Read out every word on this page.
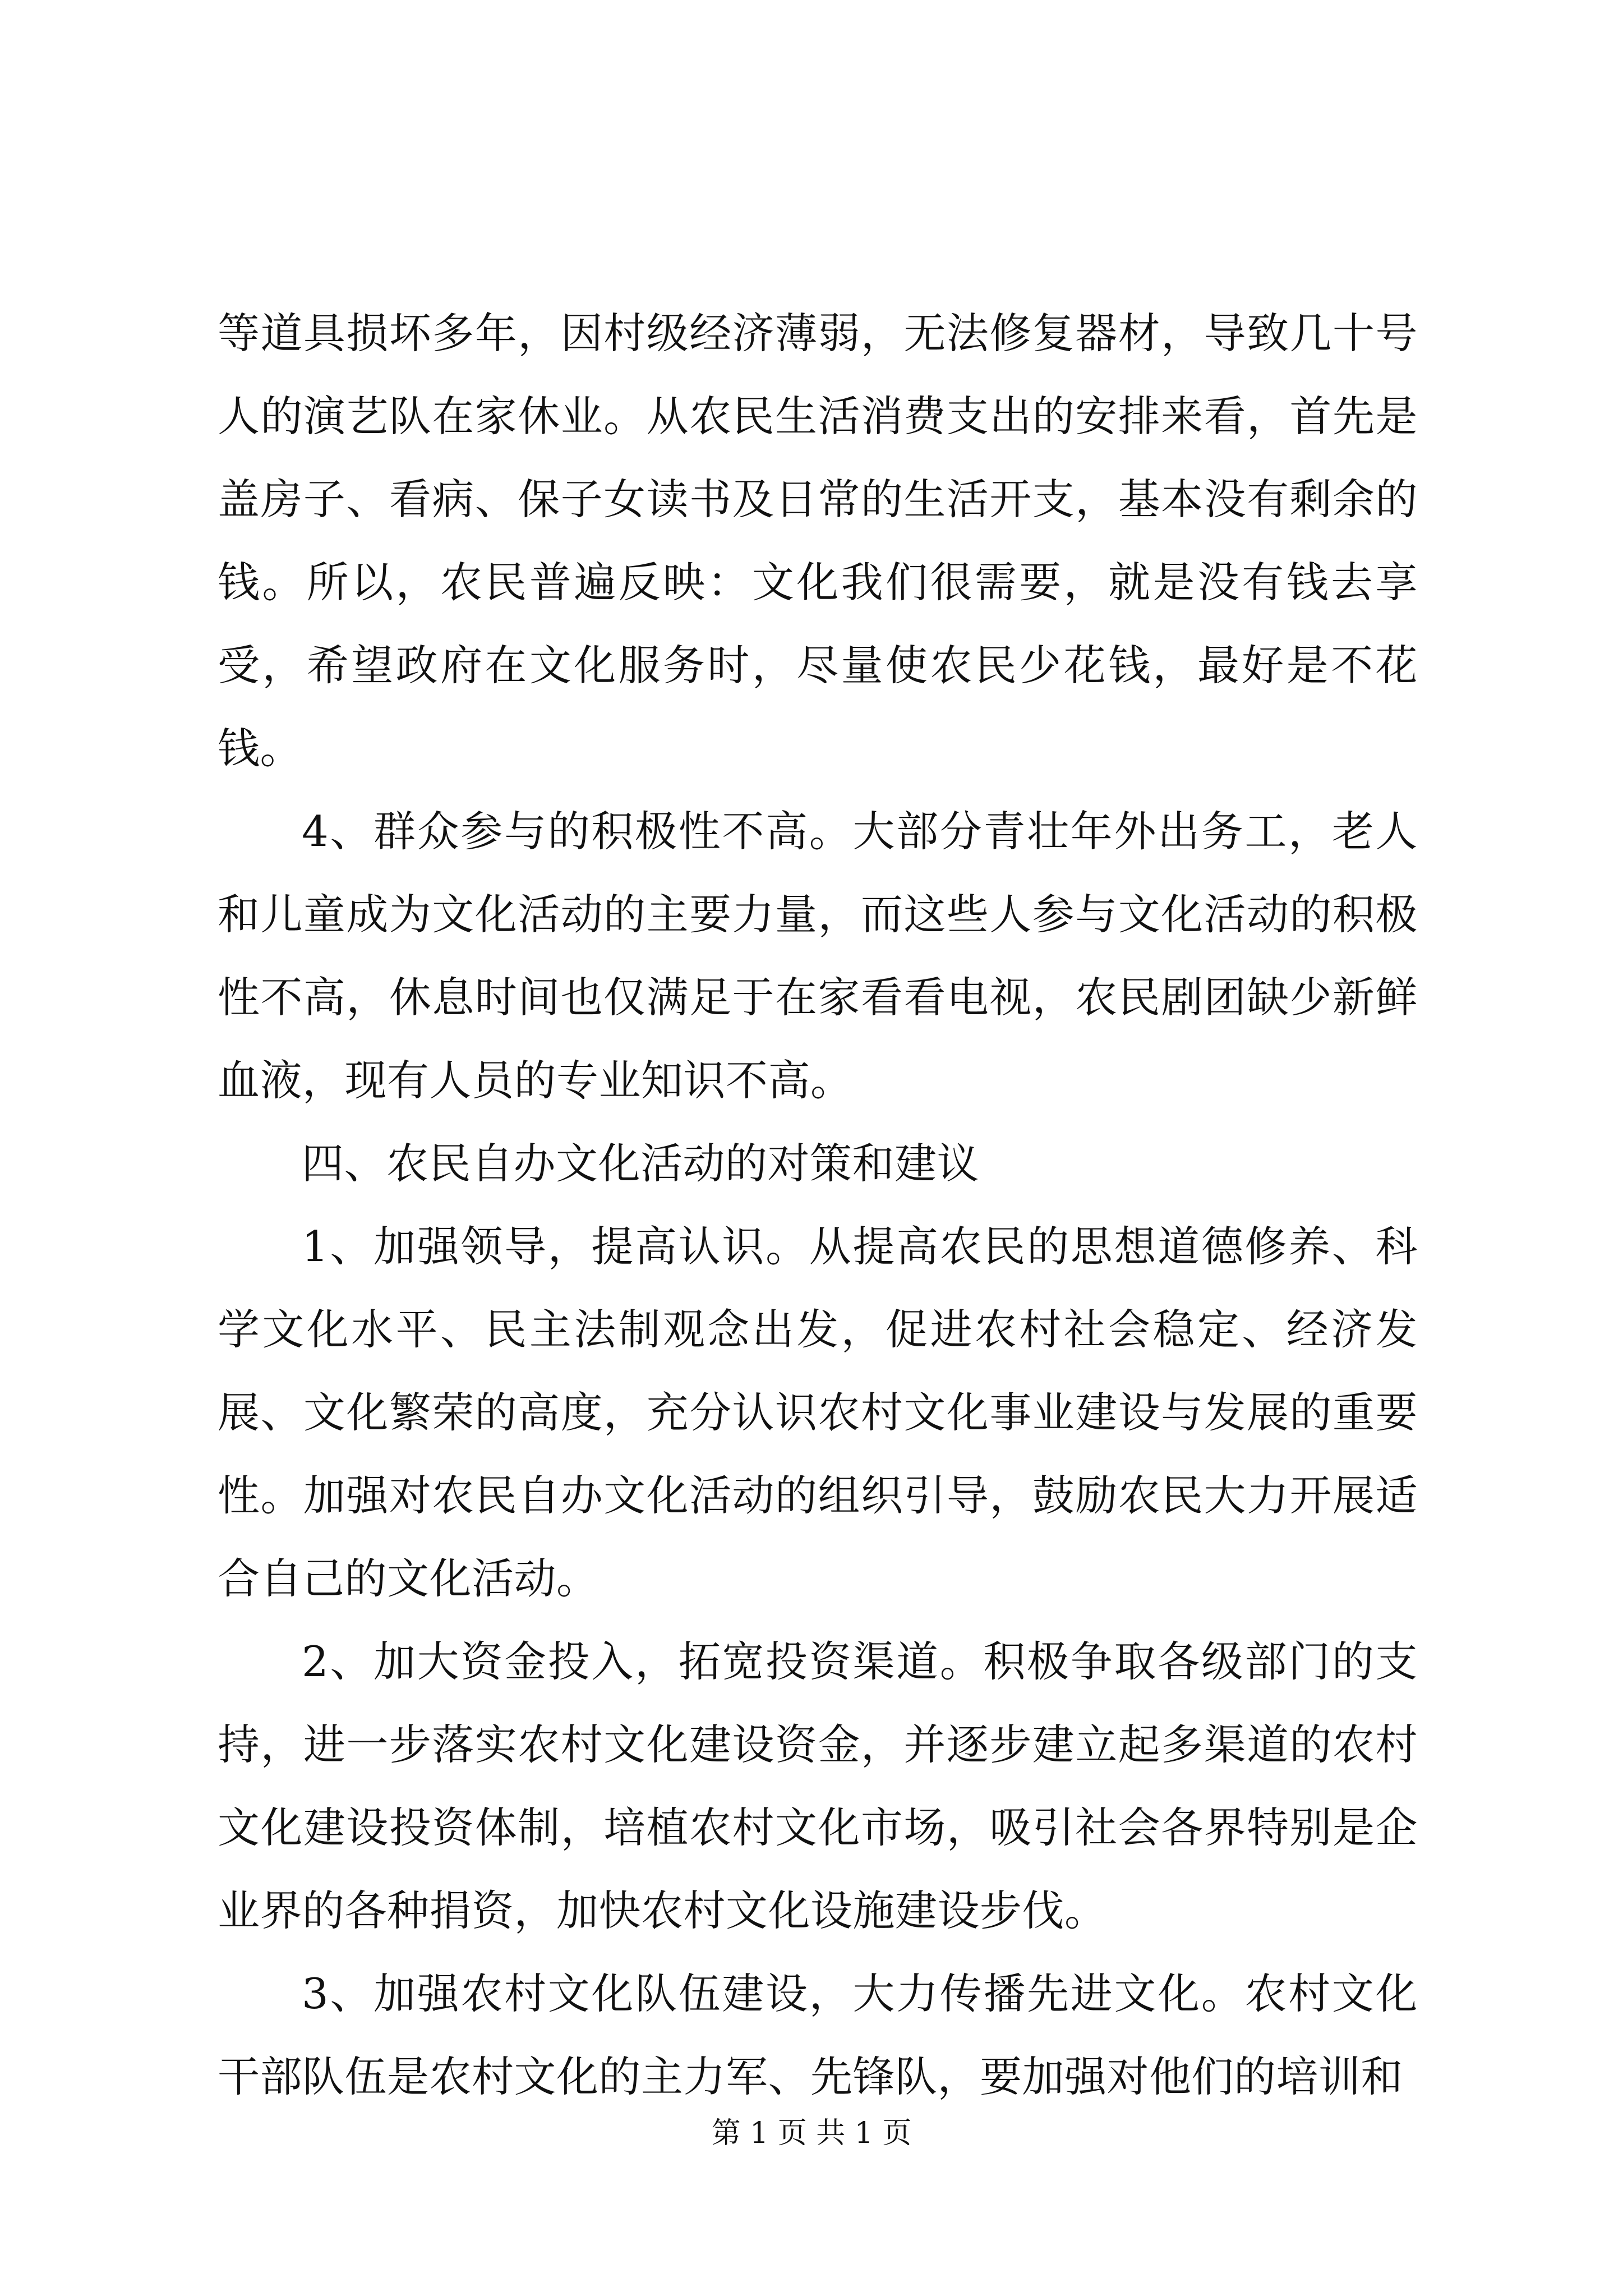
等道具损坏多年，因村级经济薄弱，无法修复器材，导致几十号人的演艺队在家休业。从农民生活消费支出的安排来看，首先是盖房子、看病、保子女读书及日常的生活开支，基本没有剩余的钱。所以，农民普遍反映：文化我们很需要，就是没有钱去享受，希望政府在文化服务时，尽量使农民少花钱，最好是不花钱。

4、群众参与的积极性不高。大部分青壮年外出务工，老人和儿童成为文化活动的主要力量，而这些人参与文化活动的积极性不高，休息时间也仅满足于在家看看电视，农民剧团缺少新鲜血液，现有人员的专业知识不高。

四、农民自办文化活动的对策和建议

1、加强领导，提高认识。从提高农民的思想道德修养、科学文化水平、民主法制观念出发，促进农村社会稳定、经济发展、文化繁荣的高度，充分认识农村文化事业建设与发展的重要性。加强对农民自办文化活动的组织引导，鼓励农民大力开展适合自己的文化活动。

2、加大资金投入，拓宽投资渠道。积极争取各级部门的支持，进一步落实农村文化建设资金，并逐步建立起多渠道的农村文化建设投资体制，培植农村文化市场，吸引社会各界特别是企业界的各种捐资，加快农村文化设施建设步伐。

3、加强农村文化队伍建设，大力传播先进文化。农村文化干部队伍是农村文化的主力军、先锋队，要加强对他们的培训和

第 1 页 共 1 页
